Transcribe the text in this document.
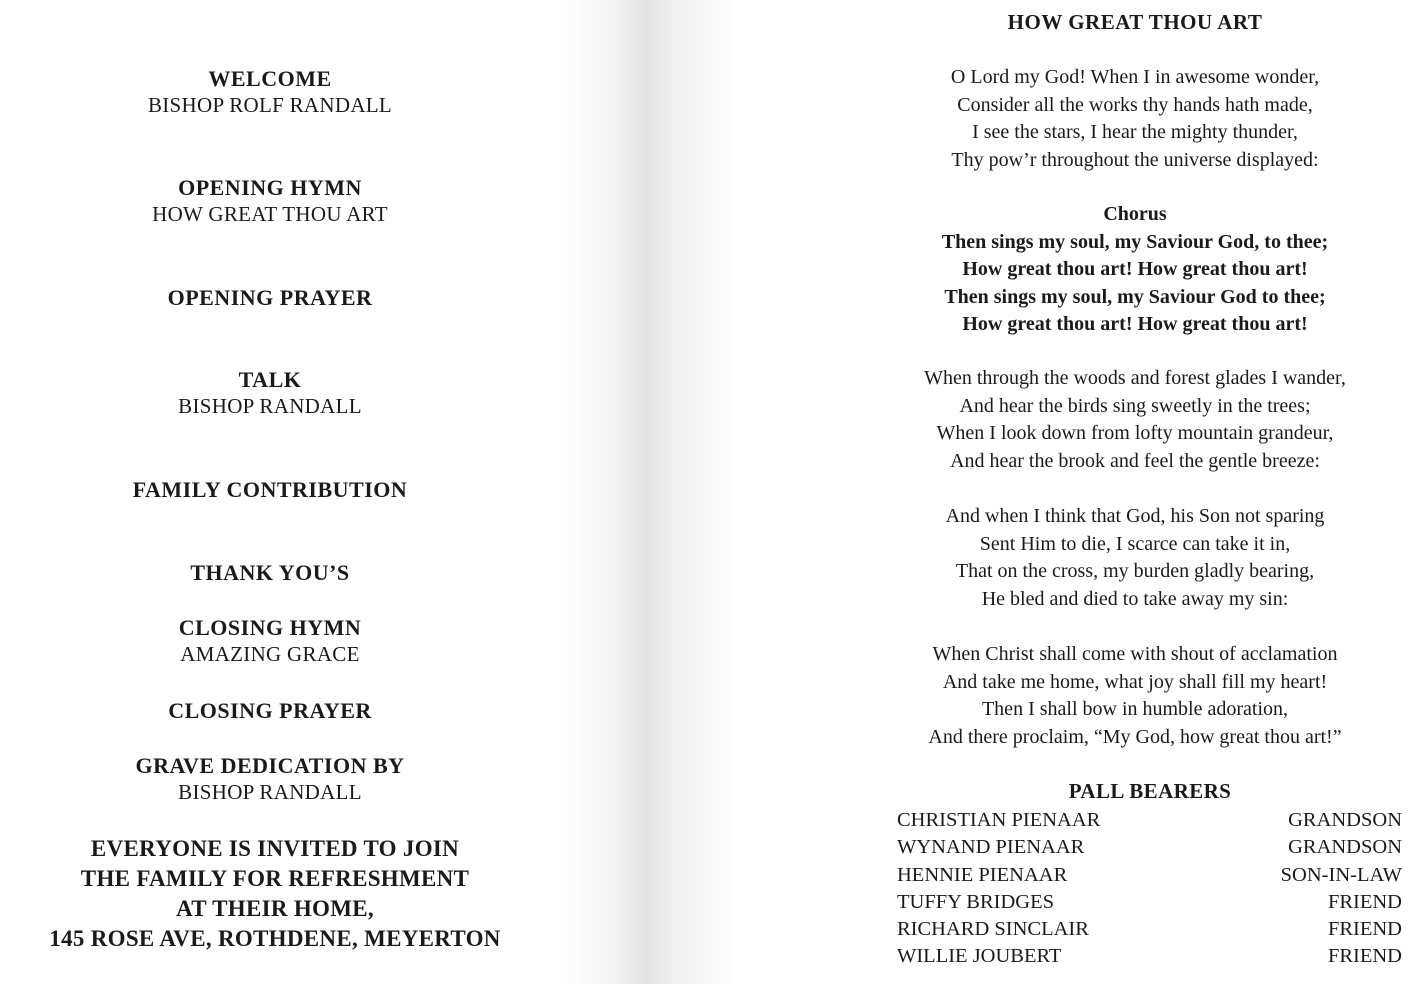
WELCOME
BISHOP ROLF RANDALL
OPENING HYMN
HOW GREAT THOU ART
OPENING PRAYER
TALK
BISHOP RANDALL
FAMILY CONTRIBUTION
THANK YOU’S
CLOSING HYMN
AMAZING GRACE
CLOSING PRAYER
GRAVE DEDICATION BY
BISHOP RANDALL
EVERYONE IS INVITED TO JOIN
THE FAMILY FOR REFRESHMENT
AT THEIR HOME,
145 ROSE AVE, ROTHDENE, MEYERTON
HOW GREAT THOU ART
O Lord my God! When I in awesome wonder,
Consider all the works thy hands hath made,
I see the stars, I hear the mighty thunder,
Thy pow’r throughout the universe displayed:
Chorus
Then sings my soul, my Saviour God, to thee;
How great thou art! How great thou art!
Then sings my soul, my Saviour God to thee;
How great thou art! How great thou art!
When through the woods and forest glades I wander,
And hear the birds sing sweetly in the trees;
When I look down from lofty mountain grandeur,
And hear the brook and feel the gentle breeze:
And when I think that God, his Son not sparing
Sent Him to die, I scarce can take it in,
That on the cross, my burden gladly bearing,
He bled and died to take away my sin:
When Christ shall come with shout of acclamation
And take me home, what joy shall fill my heart!
Then I shall bow in humble adoration,
And there proclaim, “My God, how great thou art!”
PALL BEARERS
CHRISTIAN PIENAAR	GRANDSON
WYNAND PIENAAR	GRANDSON
HENNIE PIENAAR	SON-IN-LAW
TUFFY BRIDGES	FRIEND
RICHARD SINCLAIR	FRIEND
WILLIE JOUBERT	FRIEND
